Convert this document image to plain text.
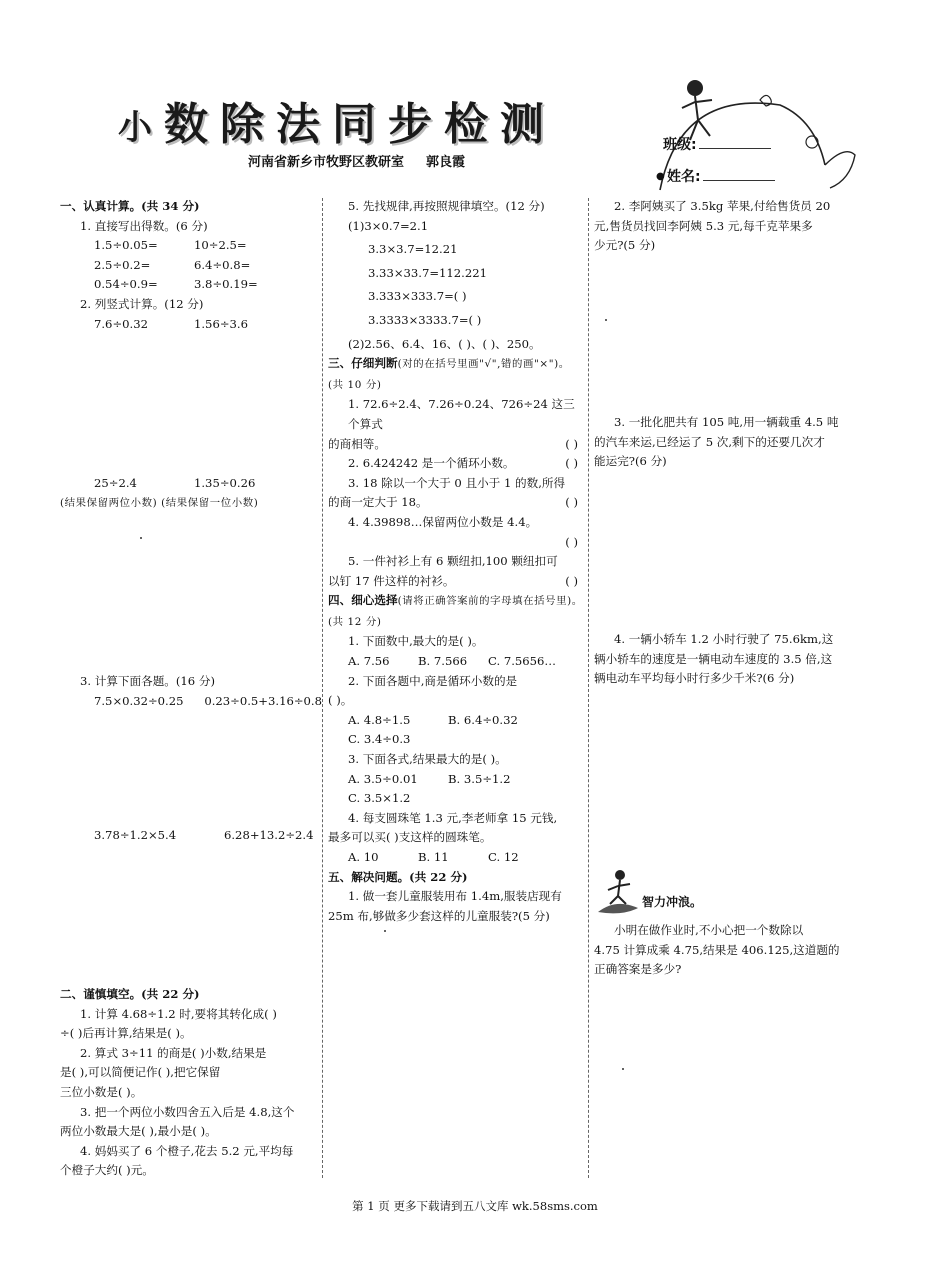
小数除法同步检测
河南省新乡市牧野区教研室 郭良霞
班级:
● 姓名:

一、认真计算。(共 34 分)

1. 直接写出得数。(6 分)

1.5÷0.05=	10÷2.5=

2.5÷0.2=	6.4÷0.8=

0.54÷0.9=	3.8÷0.19=

2. 列竖式计算。(12 分)

7.6÷0.32	1.56÷3.6

25÷2.4	1.35÷0.26

(结果保留两位小数) (结果保留一位小数)

3. 计算下面各题。(16 分)

7.5×0.32÷0.25	0.23÷0.5+3.16÷0.8

3.78÷1.2×5.4	6.28+13.2÷2.4

二、谨慎填空。(共 22 分)

1. 计算 4.68÷1.2 时,要将其转化成( )

÷( )后再计算,结果是( )。

2. 算式 3÷11 的商是( )小数,结果是

是( ),可以简便记作( ),把它保留

三位小数是( )。

3. 把一个两位小数四舍五入后是 4.8,这个

两位小数最大是( ),最小是( )。

4. 妈妈买了 6 个橙子,花去 5.2 元,平均每

个橙子大约( )元。

5. 先找规律,再按照规律填空。(12 分)

(1)3×0.7=2.1

3.3×3.7=12.21

3.33×33.7=112.221

3.333×333.7=( )

3.3333×3333.7=( )

(2)2.56、6.4、16、( )、( )、250。

三、仔细判断(对的在括号里画"√",错的画"×")。(共 10 分)

1. 72.6÷2.4、7.26÷0.24、726÷24 这三个算式

的商相等。	( )

2. 6.424242 是一个循环小数。	( )

3. 18 除以一个大于 0 且小于 1 的数,所得

的商一定大于 18。	( )

4. 4.39898…保留两位小数是 4.4。

( )

5. 一件衬衫上有 6 颗纽扣,100 颗纽扣可

以钉 17 件这样的衬衫。	( )

四、细心选择(请将正确答案前的字母填在括号里)。(共 12 分)

1. 下面数中,最大的是( )。

A. 7.56	B. 7.566	C. 7.5656…

2. 下面各题中,商是循环小数的是

( )。

A. 4.8÷1.5	B. 6.4÷0.32

C. 3.4÷0.3

3. 下面各式,结果最大的是( )。

A. 3.5÷0.01	B. 3.5÷1.2

C. 3.5×1.2

4. 每支圆珠笔 1.3 元,李老师拿 15 元钱,

最多可以买( )支这样的圆珠笔。

A. 10	B. 11	C. 12

五、解决问题。(共 22 分)

1. 做一套儿童服装用布 1.4m,服装店现有

25m 布,够做多少套这样的儿童服装?(5 分)

2. 李阿姨买了 3.5kg 苹果,付给售货员 20

元,售货员找回李阿姨 5.3 元,每千克苹果多

少元?(5 分)

3. 一批化肥共有 105 吨,用一辆载重 4.5 吨

的汽车来运,已经运了 5 次,剩下的还要几次才

能运完?(6 分)

4. 一辆小轿车 1.2 小时行驶了 75.6km,这

辆小轿车的速度是一辆电动车速度的 3.5 倍,这

辆电动车平均每小时行多少千米?(6 分)

智力冲浪。

小明在做作业时,不小心把一个数除以

4.75 计算成乘 4.75,结果是 406.125,这道题的

正确答案是多少?

第 1 页 更多下载请到五八文库 wk.58sms.com
